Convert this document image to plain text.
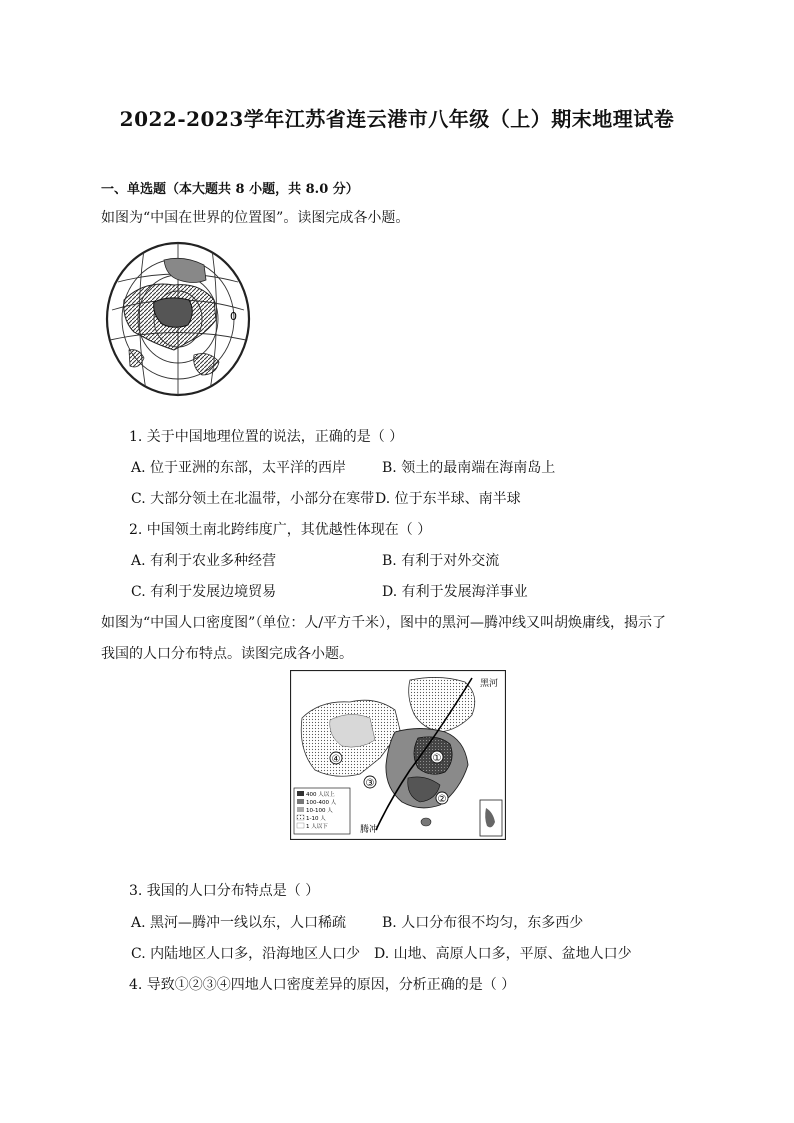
2022-2023学年江苏省连云港市八年级（上）期末地理试卷
一、单选题（本大题共 8 小题，共 8.0 分）
如图为“中国在世界的位置图”。读图完成各小题。
0
1. 关于中国地理位置的说法，正确的是（ ）
A. 位于亚洲的东部，太平洋的西岸	B. 领土的最南端在海南岛上
C. 大部分领土在北温带，小部分在寒带 D. 位于东半球、南半球
2. 中国领土南北跨纬度广，其优越性体现在（ ）
A. 有利于农业多种经营	B. 有利于对外交流
C. 有利于发展边境贸易	D. 有利于发展海洋事业
如图为“中国人口密度图”（单位：人/平方千米），图中的黑河—腾冲线又叫胡焕庸线，揭示了
我国的人口分布特点。读图完成各小题。
①
②
③
④
黑河
腾冲
400 人以上
100-400 人
10-100 人
1-10 人
1 人以下
3. 我国的人口分布特点是（ ）
A. 黑河—腾冲一线以东，人口稀疏	B. 人口分布很不均匀，东多西少
C. 内陆地区人口多，沿海地区人口少 D. 山地、高原人口多，平原、盆地人口少
4. 导致①②③④四地人口密度差异的原因，分析正确的是（ ）
